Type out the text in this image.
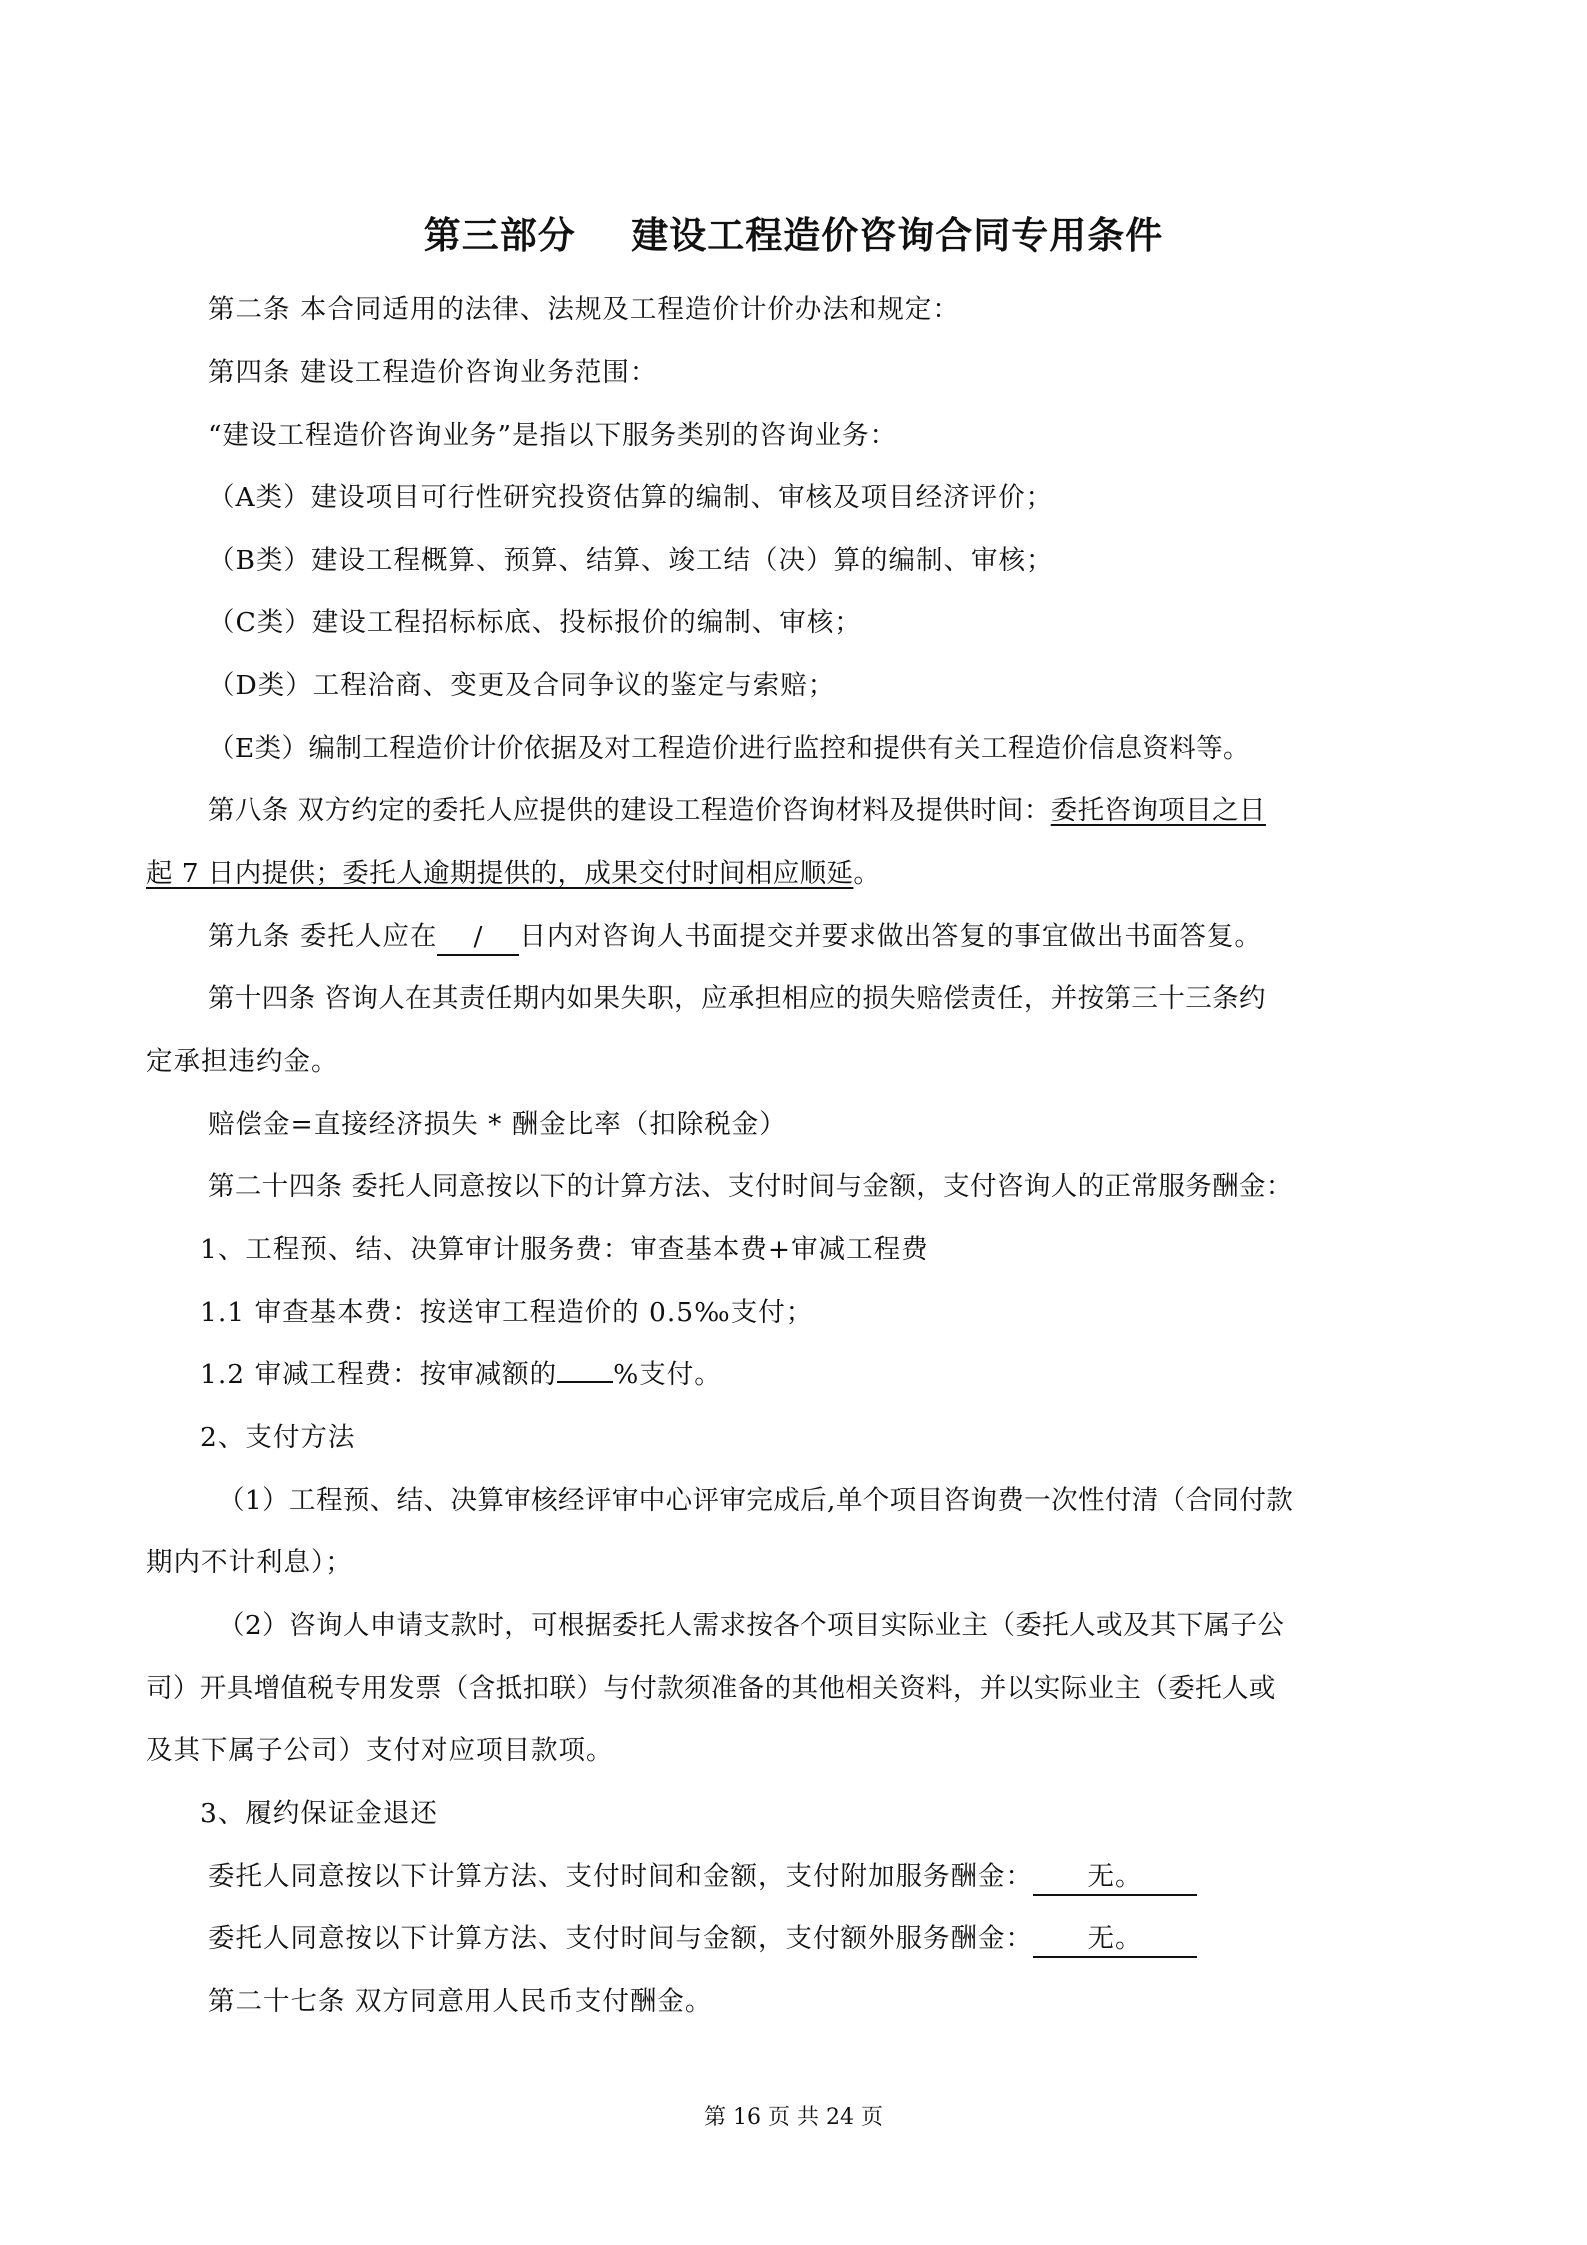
第三部分    建设工程造价咨询合同专用条件
第二条 本合同适用的法律、法规及工程造价计价办法和规定：
第四条 建设工程造价咨询业务范围：
“建设工程造价咨询业务”是指以下服务类别的咨询业务：
（A类）建设项目可行性研究投资估算的编制、审核及项目经济评价；
（B类）建设工程概算、预算、结算、竣工结（决）算的编制、审核；
（C类）建设工程招标标底、投标报价的编制、审核；
（D类）工程洽商、变更及合同争议的鉴定与索赔；
（E类）编制工程造价计价依据及对工程造价进行监控和提供有关工程造价信息资料等。
第八条 双方约定的委托人应提供的建设工程造价咨询材料及提供时间：委托咨询项目之日
起 7 日内提供；委托人逾期提供的，成果交付时间相应顺延。
第九条 委托人应在 / 日内对咨询人书面提交并要求做出答复的事宜做出书面答复。
第十四条 咨询人在其责任期内如果失职，应承担相应的损失赔偿责任，并按第三十三条约
定承担违约金。
赔偿金=直接经济损失 * 酬金比率（扣除税金）
第二十四条 委托人同意按以下的计算方法、支付时间与金额，支付咨询人的正常服务酬金：
1、工程预、结、决算审计服务费：审查基本费+审减工程费
1.1 审查基本费：按送审工程造价的 0.5‰支付；
1.2 审减工程费：按审减额的 %支付。
2、支付方法
（1）工程预、结、决算审核经评审中心评审完成后,单个项目咨询费一次性付清（合同付款
期内不计利息）；
（2）咨询人申请支款时，可根据委托人需求按各个项目实际业主（委托人或及其下属子公
司）开具增值税专用发票（含抵扣联）与付款须准备的其他相关资料，并以实际业主（委托人或
及其下属子公司）支付对应项目款项。
3、履约保证金退还
委托人同意按以下计算方法、支付时间和金额，支付附加服务酬金： 无。
委托人同意按以下计算方法、支付时间与金额，支付额外服务酬金： 无。
第二十七条 双方同意用人民币支付酬金。
第 16 页 共 24 页
